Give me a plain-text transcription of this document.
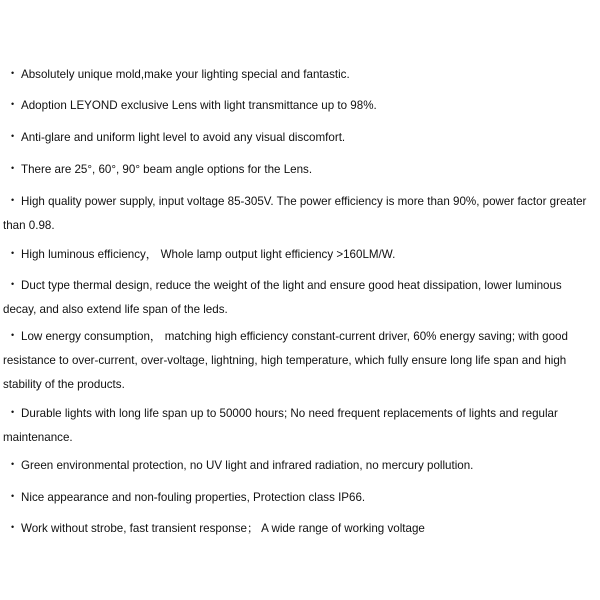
• Absolutely unique mold,make your lighting special and fantastic.
• Adoption LEYOND exclusive Lens with light transmittance up to 98%.
• Anti-glare and uniform light level to avoid any visual discomfort.
• There are 25°, 60°, 90° beam angle options for the Lens.
• High quality power supply, input voltage 85-305V. The power efficiency is more than 90%, power factor greater than 0.98.
• High luminous efficiency， Whole lamp output light efficiency >160LM/W.
• Duct type thermal design, reduce the weight of the light and ensure good heat dissipation, lower luminous decay, and also extend life span of the leds.
• Low energy consumption， matching high efficiency constant-current driver, 60% energy saving; with good resistance to over-current, over-voltage, lightning, high temperature, which fully ensure long life span and high stability of the products.
• Durable lights with long life span up to 50000 hours; No need frequent replacements of lights and regular maintenance.
• Green environmental protection, no UV light and infrared radiation, no mercury pollution.
• Nice appearance and non-fouling properties, Protection class IP66.
• Work without strobe, fast transient response； A wide range of working voltage
